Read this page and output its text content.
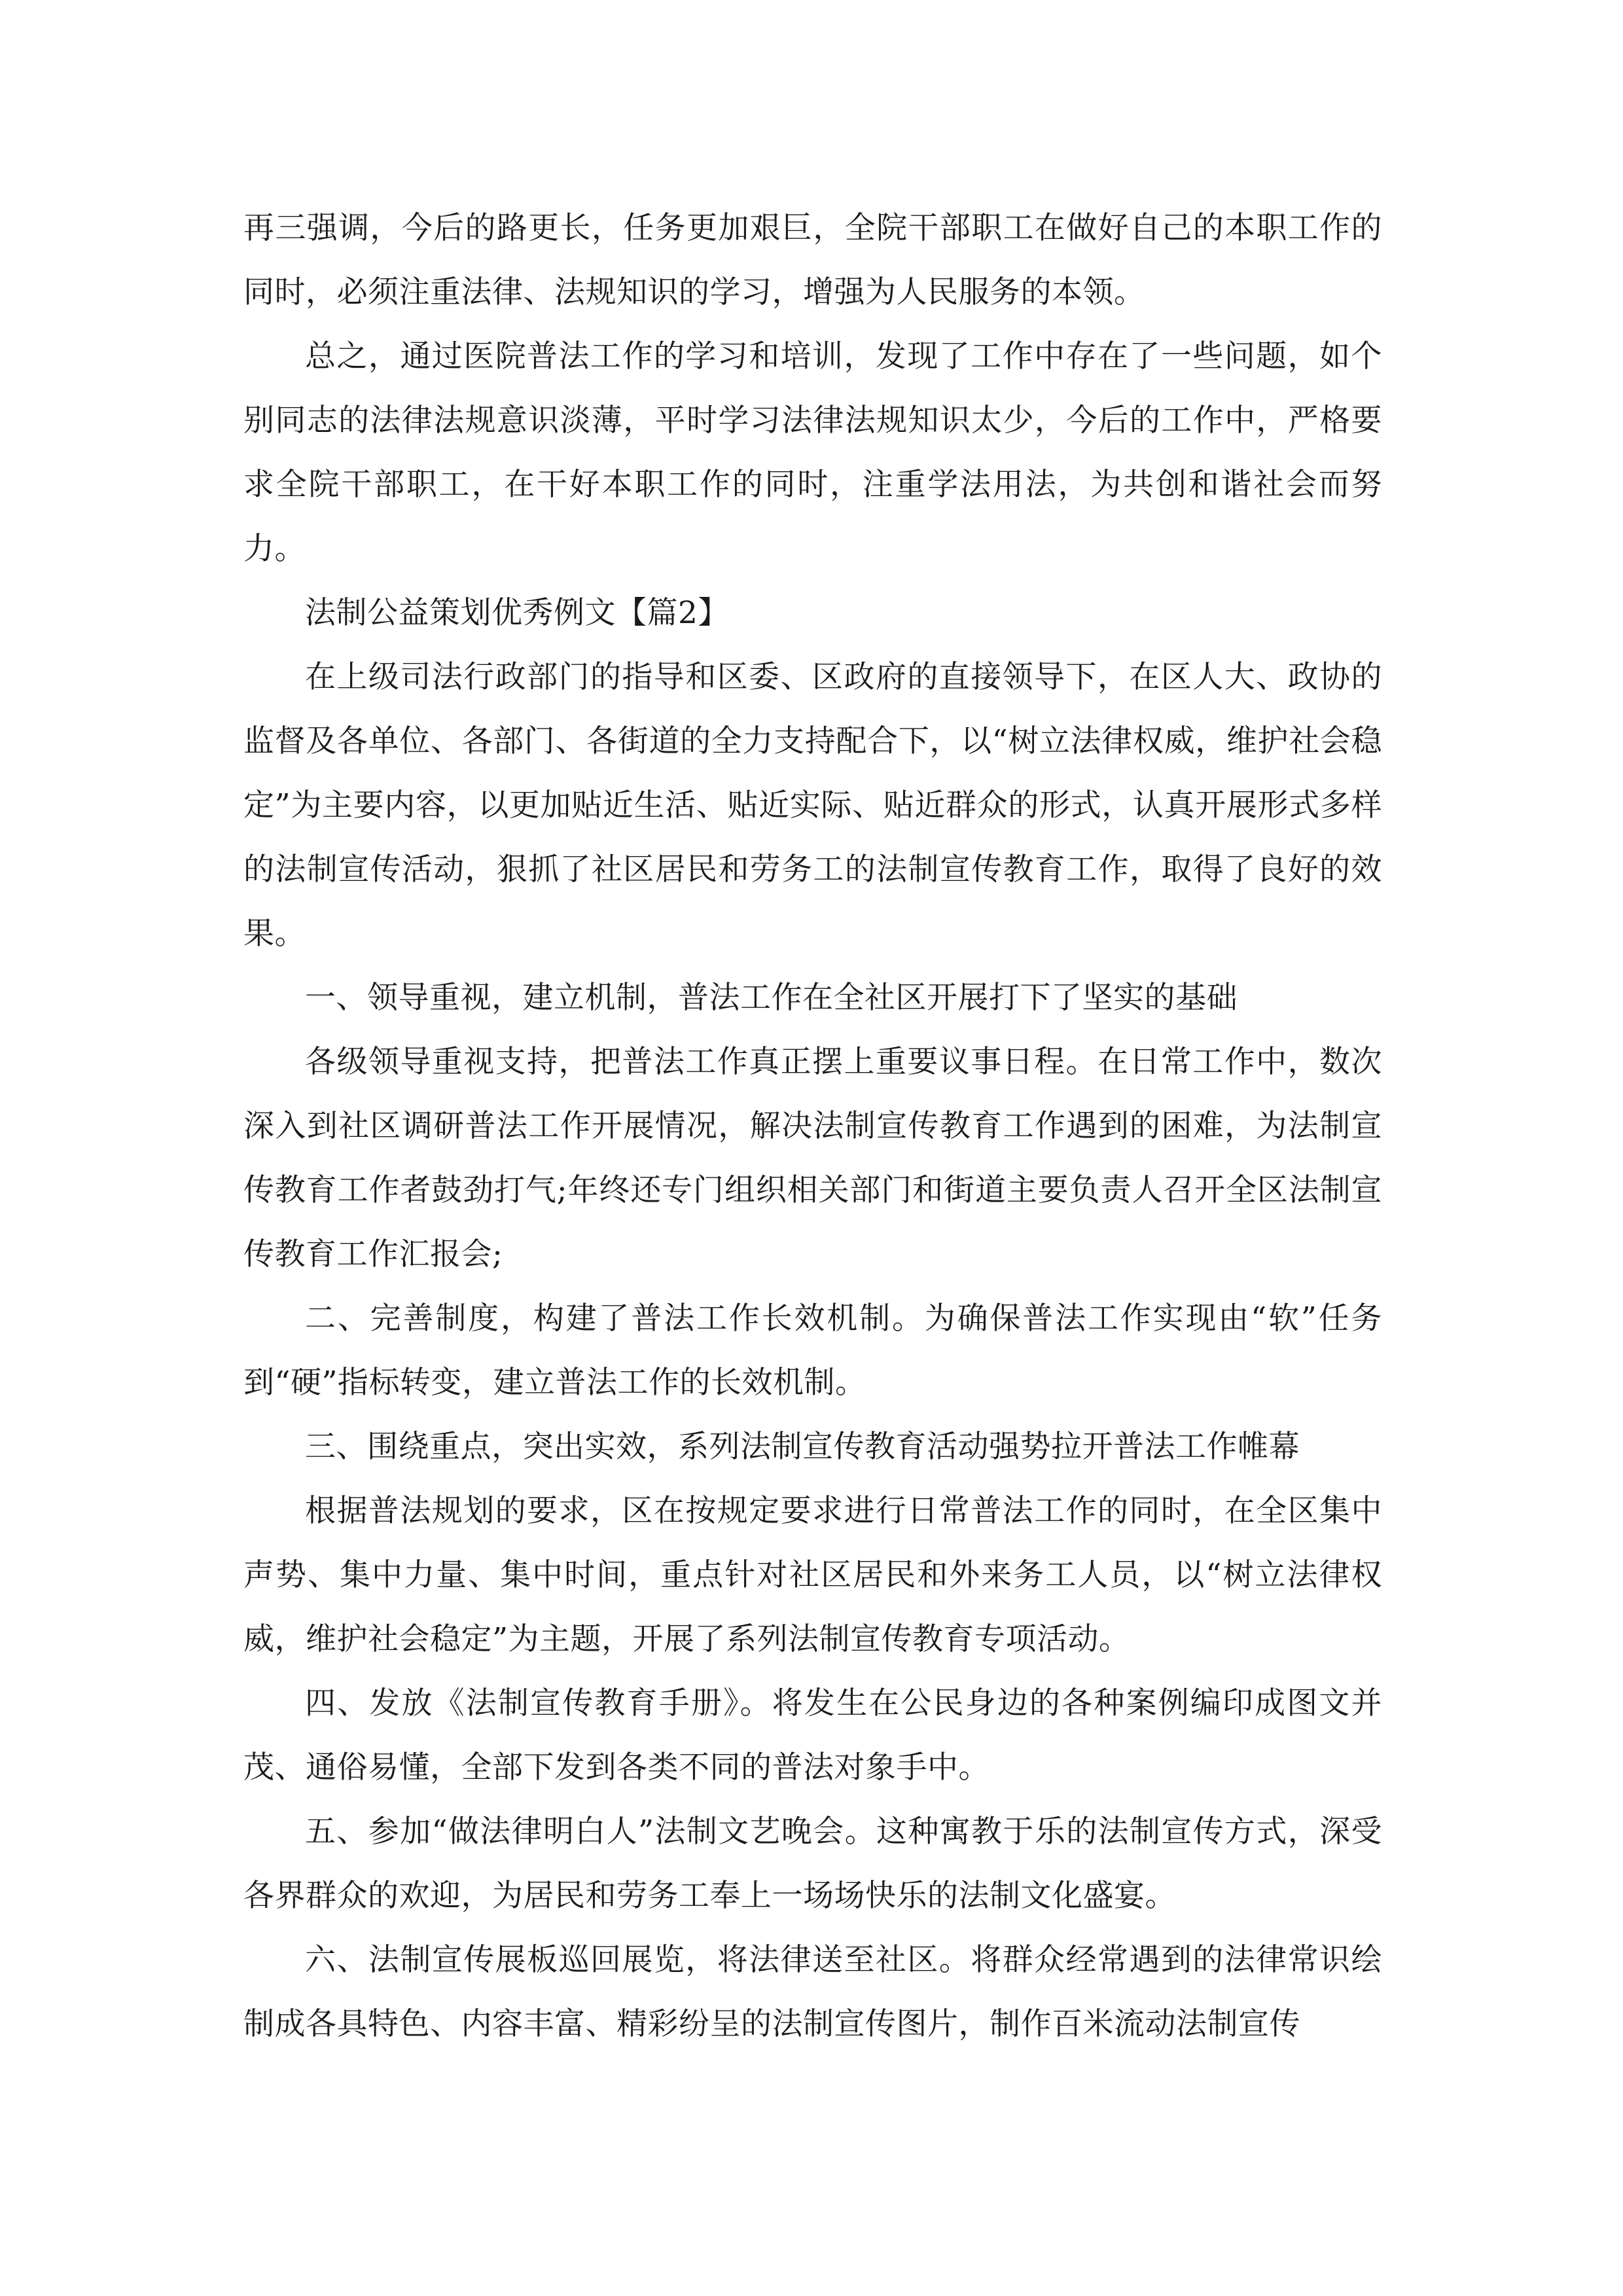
再三强调，今后的路更长，任务更加艰巨，全院干部职工在做好自己的本职工作的同时，必须注重法律、法规知识的学习，增强为人民服务的本领。

总之，通过医院普法工作的学习和培训，发现了工作中存在了一些问题，如个别同志的法律法规意识淡薄，平时学习法律法规知识太少，今后的工作中，严格要求全院干部职工，在干好本职工作的同时，注重学法用法，为共创和谐社会而努力。

法制公益策划优秀例文【篇2】

在上级司法行政部门的指导和区委、区政府的直接领导下，在区人大、政协的监督及各单位、各部门、各街道的全力支持配合下，以“树立法律权威，维护社会稳定”为主要内容，以更加贴近生活、贴近实际、贴近群众的形式，认真开展形式多样的法制宣传活动，狠抓了社区居民和劳务工的法制宣传教育工作，取得了良好的效果。

一、领导重视，建立机制，普法工作在全社区开展打下了坚实的基础

各级领导重视支持，把普法工作真正摆上重要议事日程。在日常工作中，数次深入到社区调研普法工作开展情况，解决法制宣传教育工作遇到的困难，为法制宣传教育工作者鼓劲打气;年终还专门组织相关部门和街道主要负责人召开全区法制宣传教育工作汇报会;

二、完善制度，构建了普法工作长效机制。为确保普法工作实现由“软”任务到“硬”指标转变，建立普法工作的长效机制。

三、围绕重点，突出实效，系列法制宣传教育活动强势拉开普法工作帷幕

根据普法规划的要求，区在按规定要求进行日常普法工作的同时，在全区集中声势、集中力量、集中时间，重点针对社区居民和外来务工人员，以“树立法律权威，维护社会稳定”为主题，开展了系列法制宣传教育专项活动。

四、发放《法制宣传教育手册》。将发生在公民身边的各种案例编印成图文并茂、通俗易懂，全部下发到各类不同的普法对象手中。

五、参加“做法律明白人”法制文艺晚会。这种寓教于乐的法制宣传方式，深受各界群众的欢迎，为居民和劳务工奉上一场场快乐的法制文化盛宴。

六、法制宣传展板巡回展览，将法律送至社区。将群众经常遇到的法律常识绘制成各具特色、内容丰富、精彩纷呈的法制宣传图片，制作百米流动法制宣传
